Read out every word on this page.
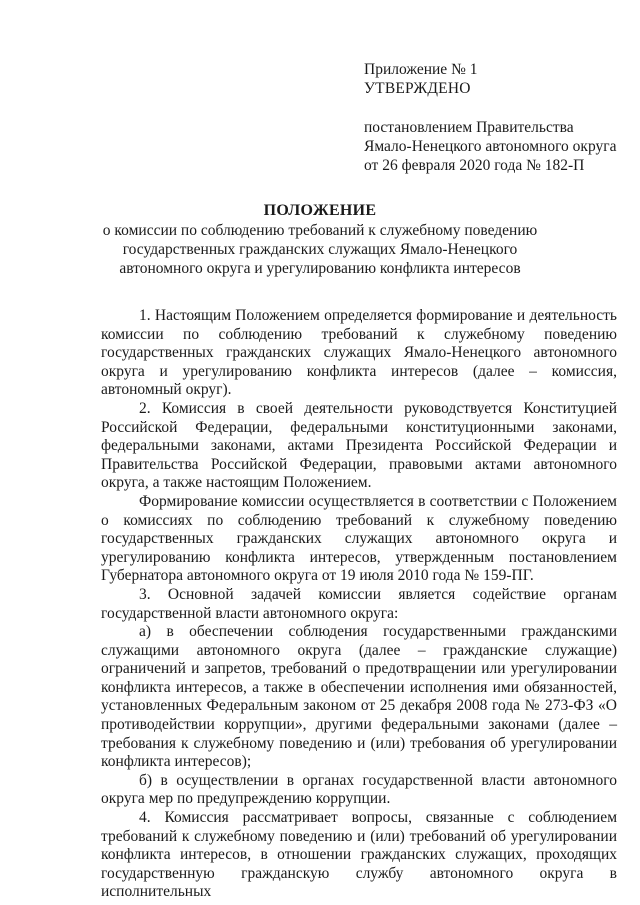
Приложение № 1
УТВЕРЖДЕНО
постановлением Правительства
Ямало-Ненецкого автономного округа
от 26 февраля 2020 года № 182-П
ПОЛОЖЕНИЕ
о комиссии по соблюдению требований к служебному поведению государственных гражданских служащих Ямало-Ненецкого автономного округа и урегулированию конфликта интересов

1. Настоящим Положением определяется формирование и деятельность комиссии по соблюдению требований к служебному поведению государственных гражданских служащих Ямало-Ненецкого автономного округа и урегулированию конфликта интересов (далее – комиссия, автономный округ).

2. Комиссия в своей деятельности руководствуется Конституцией Российской Федерации, федеральными конституционными законами, федеральными законами, актами Президента Российской Федерации и Правительства Российской Федерации, правовыми актами автономного округа, а также настоящим Положением.

Формирование комиссии осуществляется в соответствии с Положением о комиссиях по соблюдению требований к служебному поведению государственных гражданских служащих автономного округа и урегулированию конфликта интересов, утвержденным постановлением Губернатора автономного округа от 19 июля 2010 года № 159-ПГ.

3. Основной задачей комиссии является содействие органам государственной власти автономного округа:

а) в обеспечении соблюдения государственными гражданскими служащими автономного округа (далее – гражданские служащие) ограничений и запретов, требований о предотвращении или урегулировании конфликта интересов, а также в обеспечении исполнения ими обязанностей, установленных Федеральным законом от 25 декабря 2008 года № 273-ФЗ «О противодействии коррупции», другими федеральными законами (далее – требования к служебному поведению и (или) требования об урегулировании конфликта интересов);

б) в осуществлении в органах государственной власти автономного округа мер по предупреждению коррупции.

4. Комиссия рассматривает вопросы, связанные с соблюдением требований к служебному поведению и (или) требований об урегулировании конфликта интересов, в отношении гражданских служащих, проходящих государственную гражданскую службу автономного округа в исполнительных
